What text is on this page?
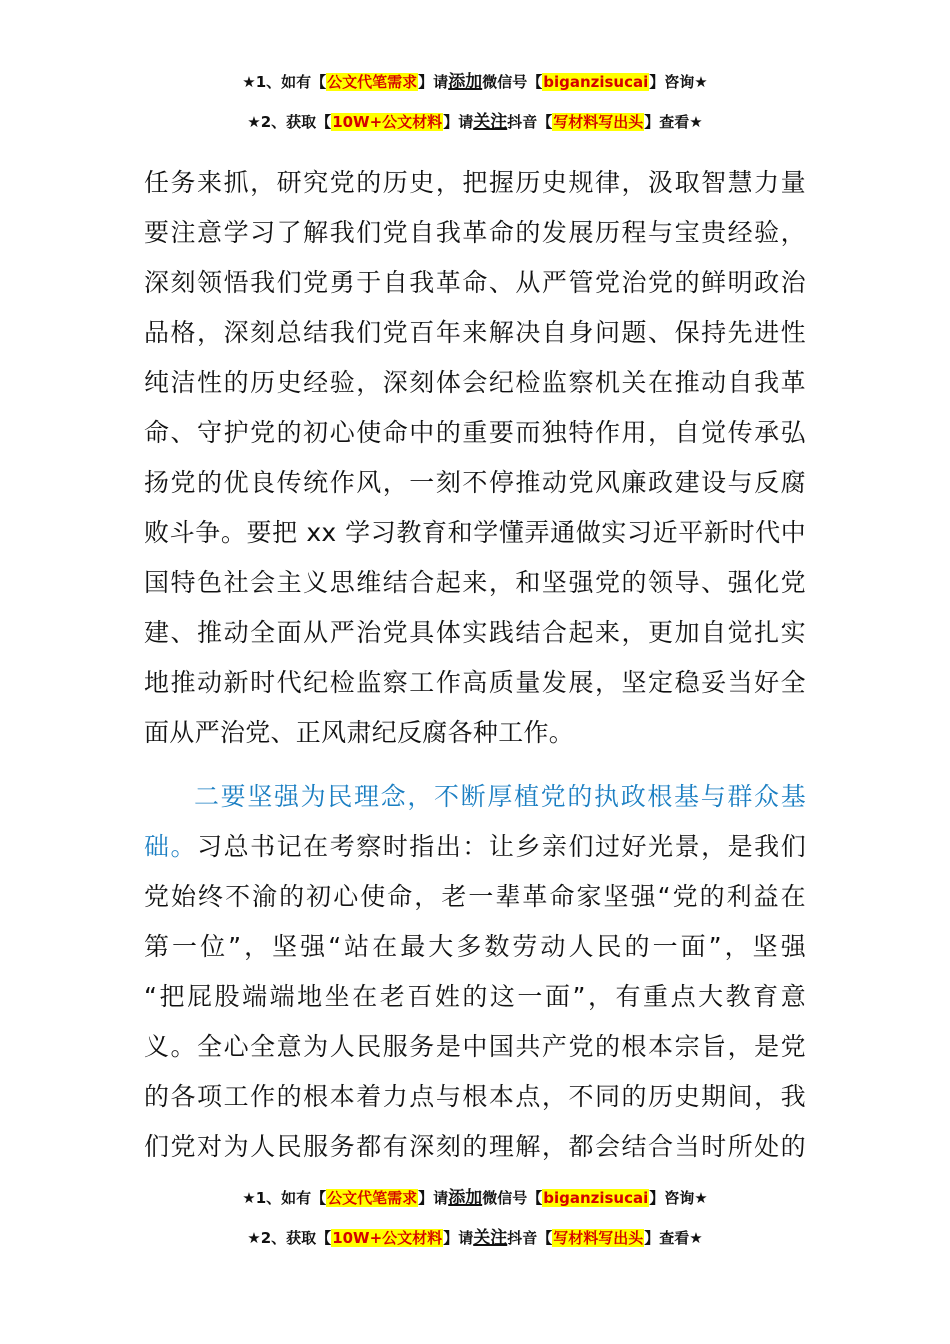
★1、如有【公文代笔需求】请添加微信号【biganzisucai】咨询★
★2、获取【10W+公文材料】请关注抖音【写材料写出头】查看★
任务来抓，研究党的历史，把握历史规律，汲取智慧力量
要注意学习了解我们党自我革命的发展历程与宝贵经验，
深刻领悟我们党勇于自我革命、从严管党治党的鲜明政治
品格，深刻总结我们党百年来解决自身问题、保持先进性
纯洁性的历史经验，深刻体会纪检监察机关在推动自我革
命、守护党的初心使命中的重要而独特作用，自觉传承弘
扬党的优良传统作风，一刻不停推动党风廉政建设与反腐
败斗争。要把 xx 学习教育和学懂弄通做实习近平新时代中
国特色社会主义思维结合起来，和坚强党的领导、强化党
建、推动全面从严治党具体实践结合起来，更加自觉扎实
地推动新时代纪检监察工作高质量发展，坚定稳妥当好全
面从严治党、正风肃纪反腐各种工作。
二要坚强为民理念，不断厚植党的执政根基与群众基
础。习总书记在考察时指出：让乡亲们过好光景，是我们
党始终不渝的初心使命，老一辈革命家坚强“党的利益在
第一位”，坚强“站在最大多数劳动人民的一面”，坚强
“把屁股端端地坐在老百姓的这一面”，有重点大教育意
义。全心全意为人民服务是中国共产党的根本宗旨，是党
的各项工作的根本着力点与根本点，不同的历史期间，我
们党对为人民服务都有深刻的理解，都会结合当时所处的
★1、如有【公文代笔需求】请添加微信号【biganzisucai】咨询★
★2、获取【10W+公文材料】请关注抖音【写材料写出头】查看★
